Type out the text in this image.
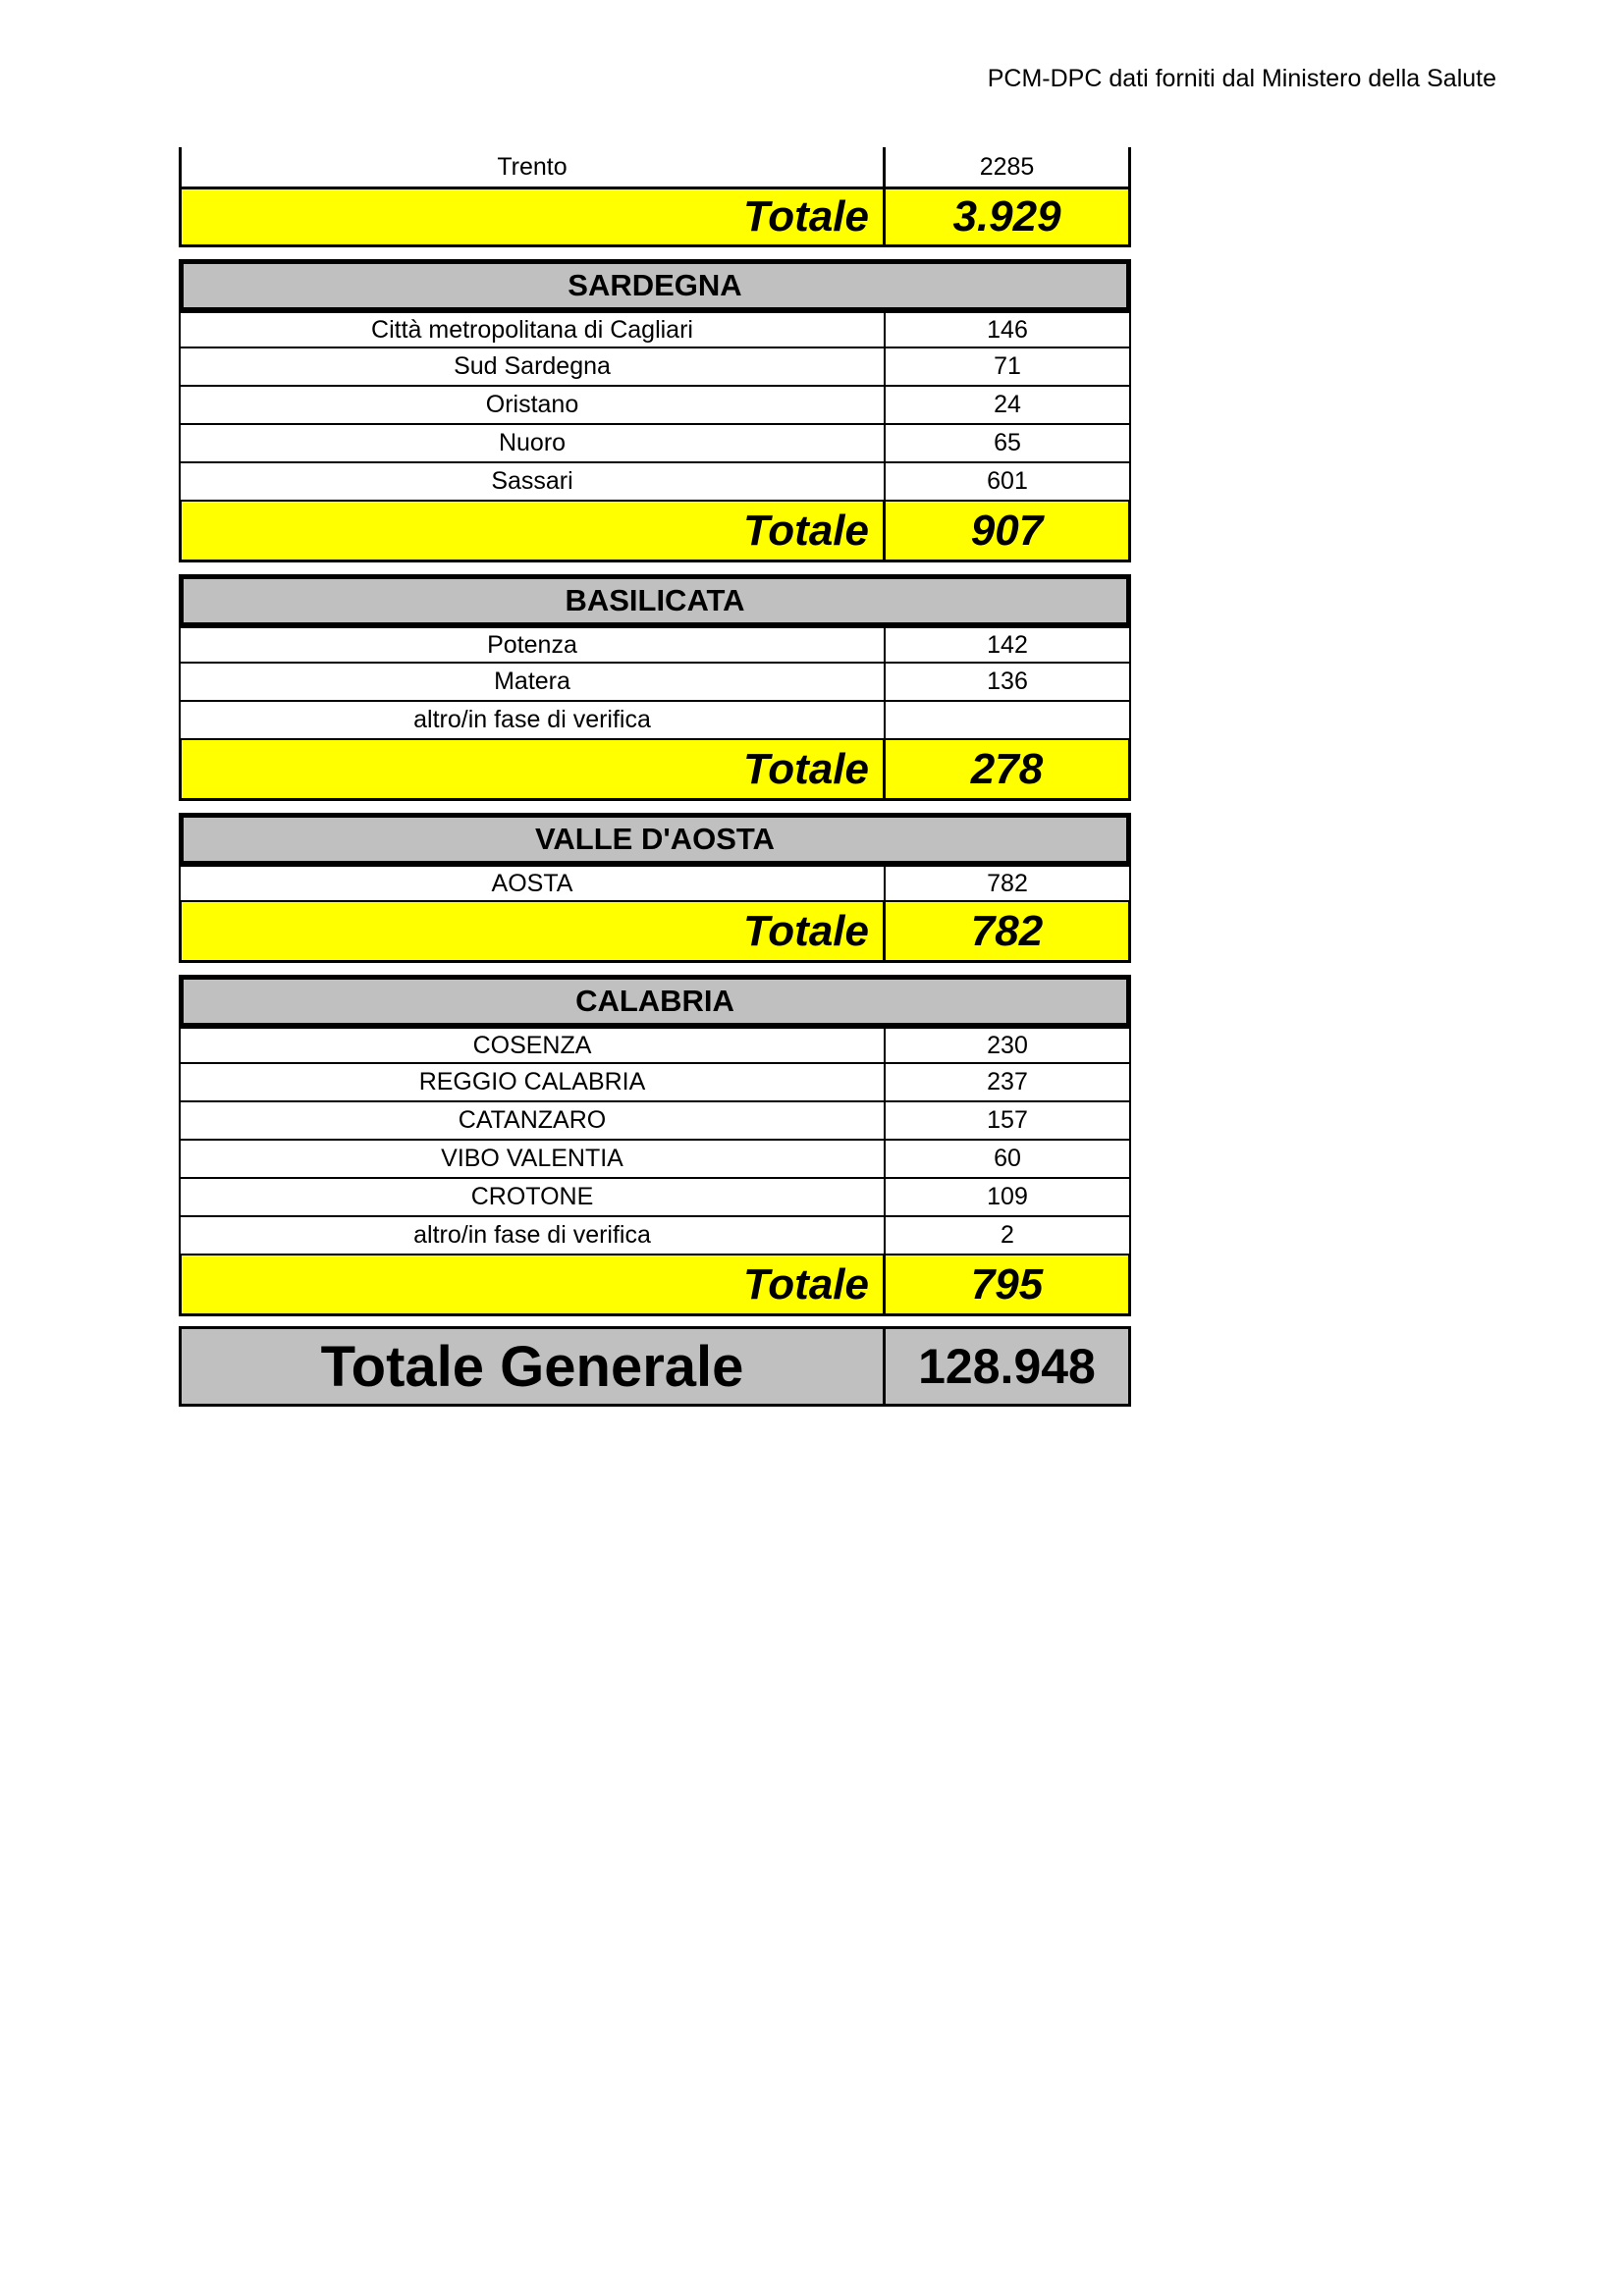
PCM-DPC dati forniti dal Ministero della Salute
Trento	2285
Totale	3.929
SARDEGNA
Città metropolitana di Cagliari	146
Sud Sardegna	71
Oristano	24
Nuoro	65
Sassari	601
Totale	907
BASILICATA
Potenza	142
Matera	136
altro/in fase di verifica
Totale	278
VALLE D'AOSTA
AOSTA	782
Totale	782
CALABRIA
COSENZA	230
REGGIO CALABRIA	237
CATANZARO	157
VIBO VALENTIA	60
CROTONE	109
altro/in fase di verifica	2
Totale	795
Totale Generale	128.948
